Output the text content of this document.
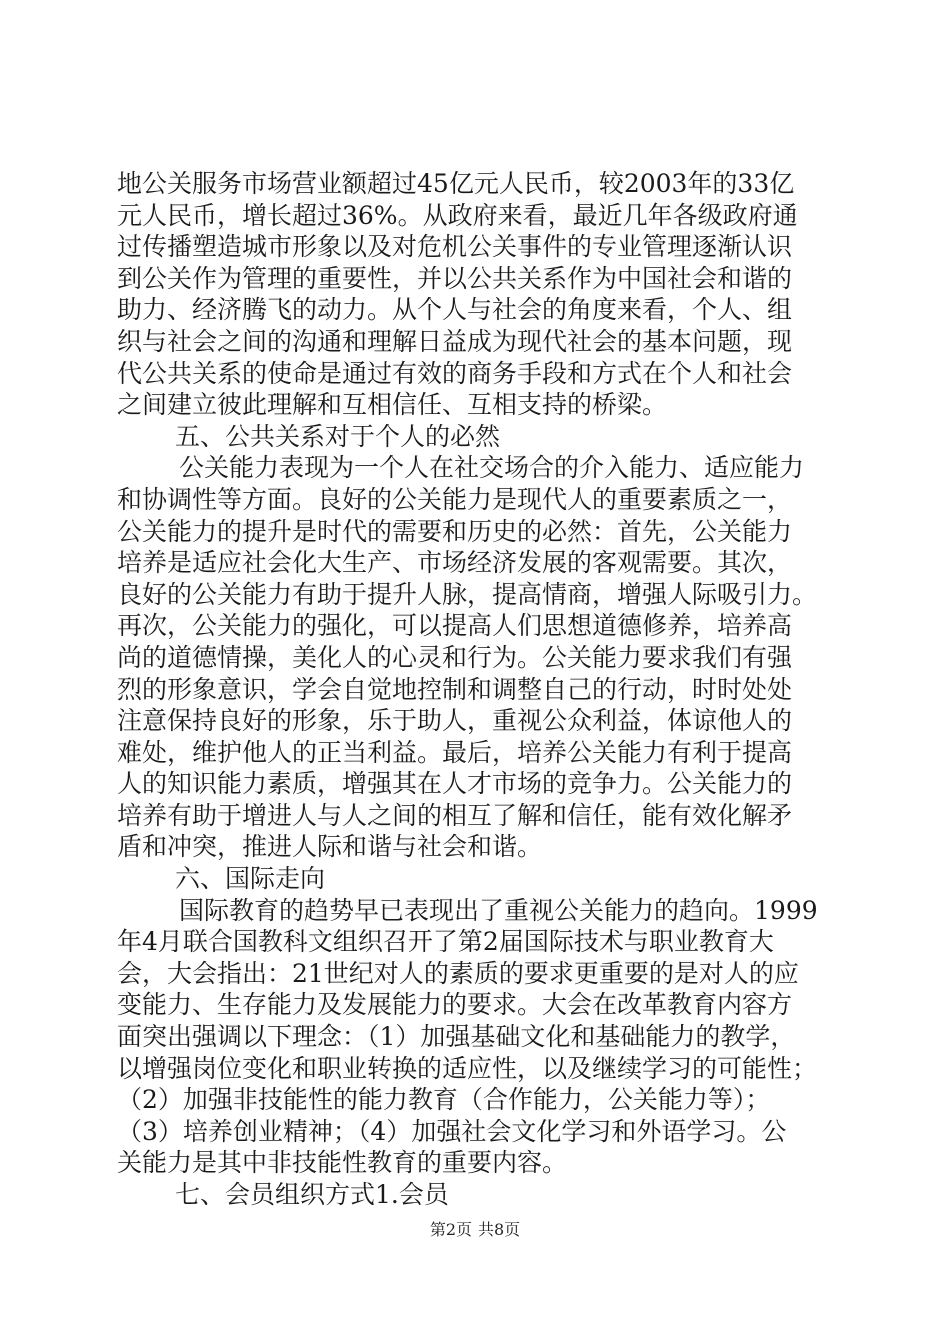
地公关服务市场营业额超过45亿元人民币，较2003年的33亿
元人民币，增长超过36%。从政府来看，最近几年各级政府通
过传播塑造城市形象以及对危机公关事件的专业管理逐渐认识
到公关作为管理的重要性，并以公共关系作为中国社会和谐的
助力、经济腾飞的动力。从个人与社会的角度来看，个人、组
织与社会之间的沟通和理解日益成为现代社会的基本问题，现
代公共关系的使命是通过有效的商务手段和方式在个人和社会
之间建立彼此理解和互相信任、互相支持的桥梁。
五、公共关系对于个人的必然
公关能力表现为一个人在社交场合的介入能力、适应能力
和协调性等方面。良好的公关能力是现代人的重要素质之一，
公关能力的提升是时代的需要和历史的必然：首先，公关能力
培养是适应社会化大生产、市场经济发展的客观需要。其次，
良好的公关能力有助于提升人脉，提高情商，增强人际吸引力。
再次，公关能力的强化，可以提高人们思想道德修养，培养高
尚的道德情操，美化人的心灵和行为。公关能力要求我们有强
烈的形象意识，学会自觉地控制和调整自己的行动，时时处处
注意保持良好的形象，乐于助人，重视公众利益，体谅他人的
难处，维护他人的正当利益。最后，培养公关能力有利于提高
人的知识能力素质，增强其在人才市场的竞争力。公关能力的
培养有助于增进人与人之间的相互了解和信任，能有效化解矛
盾和冲突，推进人际和谐与社会和谐。
六、国际走向
国际教育的趋势早已表现出了重视公关能力的趋向。1999
年4月联合国教科文组织召开了第2届国际技术与职业教育大
会，大会指出：21世纪对人的素质的要求更重要的是对人的应
变能力、生存能力及发展能力的要求。大会在改革教育内容方
面突出强调以下理念：（1）加强基础文化和基础能力的教学，
以增强岗位变化和职业转换的适应性，以及继续学习的可能性；
（2）加强非技能性的能力教育（合作能力，公关能力等）；
（3）培养创业精神；（4）加强社会文化学习和外语学习。公
关能力是其中非技能性教育的重要内容。
七、会员组织方式1.会员
第2页 共8页
